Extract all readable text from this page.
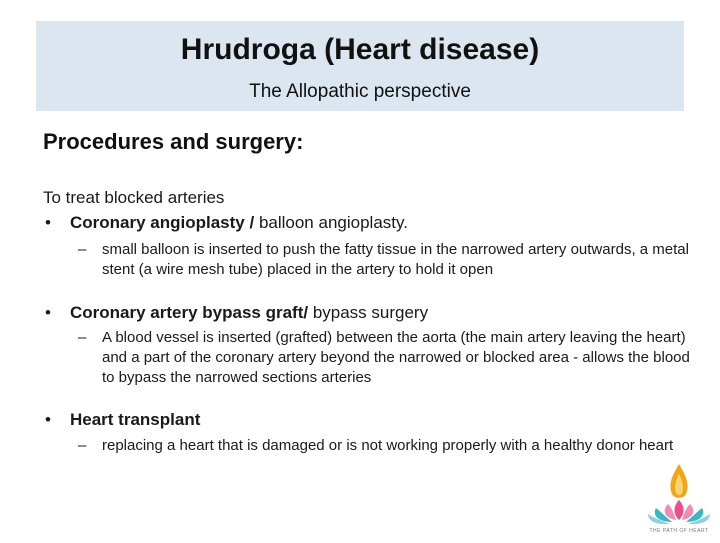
Hrudroga (Heart disease)
The Allopathic perspective
Procedures and surgery:
To treat blocked arteries
• Coronary angioplasty / balloon angioplasty.
– small balloon is inserted to push the fatty tissue in the narrowed artery outwards, a metal stent (a wire mesh tube) placed in the artery to hold it open
• Coronary artery bypass graft/ bypass surgery
– A blood vessel is inserted (grafted) between the aorta (the main artery leaving the heart) and a part of the coronary artery beyond the narrowed or blocked area - allows the blood to bypass the narrowed sections arteries
• Heart transplant
– replacing a heart that is damaged or is not working properly with a healthy donor heart
THE PATH OF HEART
